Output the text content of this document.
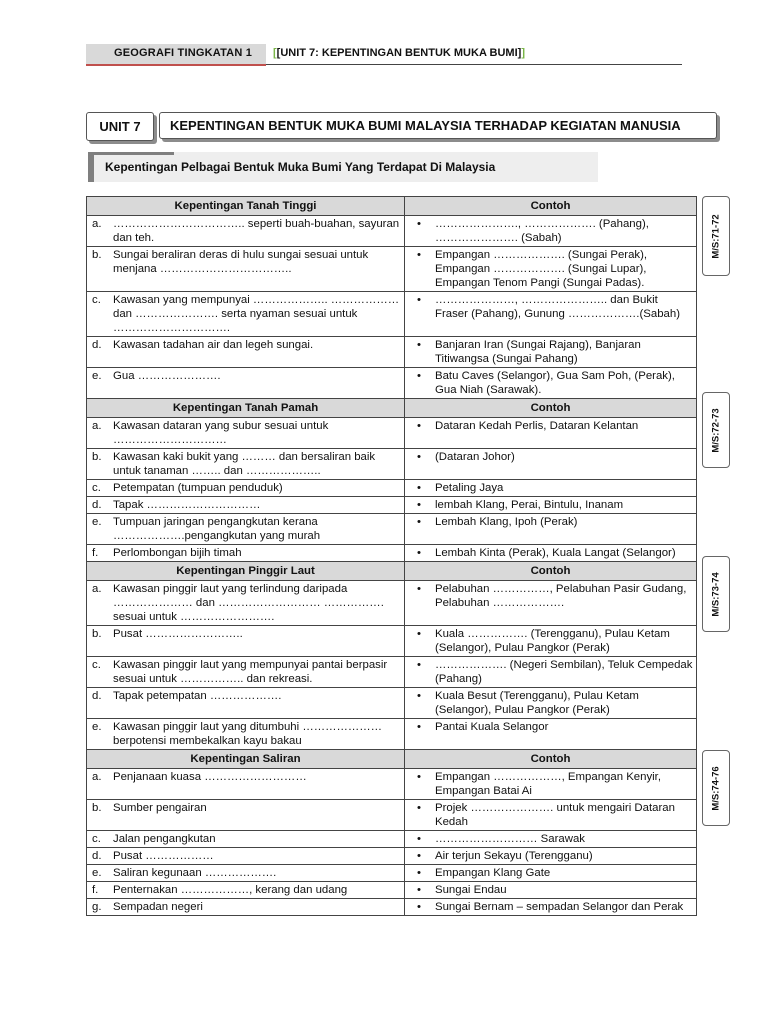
GEOGRAFI TINGKATAN 1 [[UNIT 7: KEPENTINGAN BENTUK MUKA BUMI]]
UNIT 7	KEPENTINGAN BENTUK MUKA BUMI MALAYSIA TERHADAP KEGIATAN MANUSIA
Kepentingan Pelbagai Bentuk Muka Bumi Yang Terdapat Di Malaysia
Kepentingan Tanah Tinggi		Contoh	
a.	…………………………….. seperti buah-buahan, sayuran dan teh.	•	…………………., ………………. (Pahang), …………………. (Sabah)
b.	Sungai beraliran deras di hulu sungai sesuai untuk menjana ……………………………..	•	Empangan ………………. (Sungai Perak), Empangan ………………. (Sungai Lupar), Empangan Tenom Pangi (Sungai Padas).
c.	Kawasan yang mempunyai ……………….. ……………… dan …………………. serta nyaman sesuai untuk ………………………….	•	…………………, ………………….. dan Bukit Fraser (Pahang), Gunung ……………….(Sabah)
d.	Kawasan tadahan air dan legeh sungai.	•	Banjaran Iran (Sungai Rajang), Banjaran Titiwangsa (Sungai Pahang)
e.	Gua ………………….	•	Batu Caves (Selangor), Gua Sam Poh, (Perak), Gua Niah (Sarawak).
Kepentingan Tanah Pamah		Contoh	
a.	Kawasan dataran yang subur sesuai untuk …………………………	•	Dataran Kedah Perlis, Dataran Kelantan
b.	Kawasan kaki bukit yang ……… dan bersaliran baik untuk tanaman …….. dan ………………..	•	(Dataran Johor)
c.	Petempatan (tumpuan penduduk)	•	Petaling Jaya
d.	Tapak …………………………	•	lembah Klang, Perai, Bintulu, Inanam
e.	Tumpuan jaringan pengangkutan kerana ……………….pengangkutan yang murah	•	Lembah Klang, Ipoh (Perak)
f.	Perlombongan bijih timah	•	Lembah Kinta (Perak), Kuala Langat (Selangor)
Kepentingan Pinggir Laut		Contoh	
a.	Kawasan pinggir laut yang terlindung daripada ………………… dan ……………………… ……………. sesuai untuk …………………….	•	Pelabuhan ……………, Pelabuhan Pasir Gudang, Pelabuhan ……………….
b.	Pusat ……………………..	•	Kuala ……………. (Terengganu), Pulau Ketam (Selangor), Pulau Pangkor (Perak)
c.	Kawasan pinggir laut yang mempunyai pantai berpasir sesuai untuk …………….. dan rekreasi.	•	………………. (Negeri Sembilan), Teluk Cempedak (Pahang)
d.	Tapak petempatan ……………….	•	Kuala Besut (Terengganu), Pulau Ketam (Selangor), Pulau Pangkor (Perak)
e.	Kawasan pinggir laut yang ditumbuhi ………………… berpotensi membekalkan kayu bakau	•	Pantai Kuala Selangor
Kepentingan Saliran		Contoh	
a.	Penjanaan kuasa ………………………	•	Empangan ………………, Empangan Kenyir, Empangan Batai Ai
b.	Sumber pengairan	•	Projek …………………. untuk mengairi Dataran Kedah
c.	Jalan pengangkutan	•	……………………… Sarawak
d.	Pusat ………………	•	Air terjun Sekayu (Terengganu)
e.	Saliran kegunaan ……………….	•	Empangan Klang Gate
f.	Penternakan ………………, kerang dan udang	•	Sungai Endau
g.	Sempadan negeri	•	Sungai Bernam – sempadan Selangor dan Perak
M/S:71-72
M/S:72-73
M/S:73-74
M/S:74-76
